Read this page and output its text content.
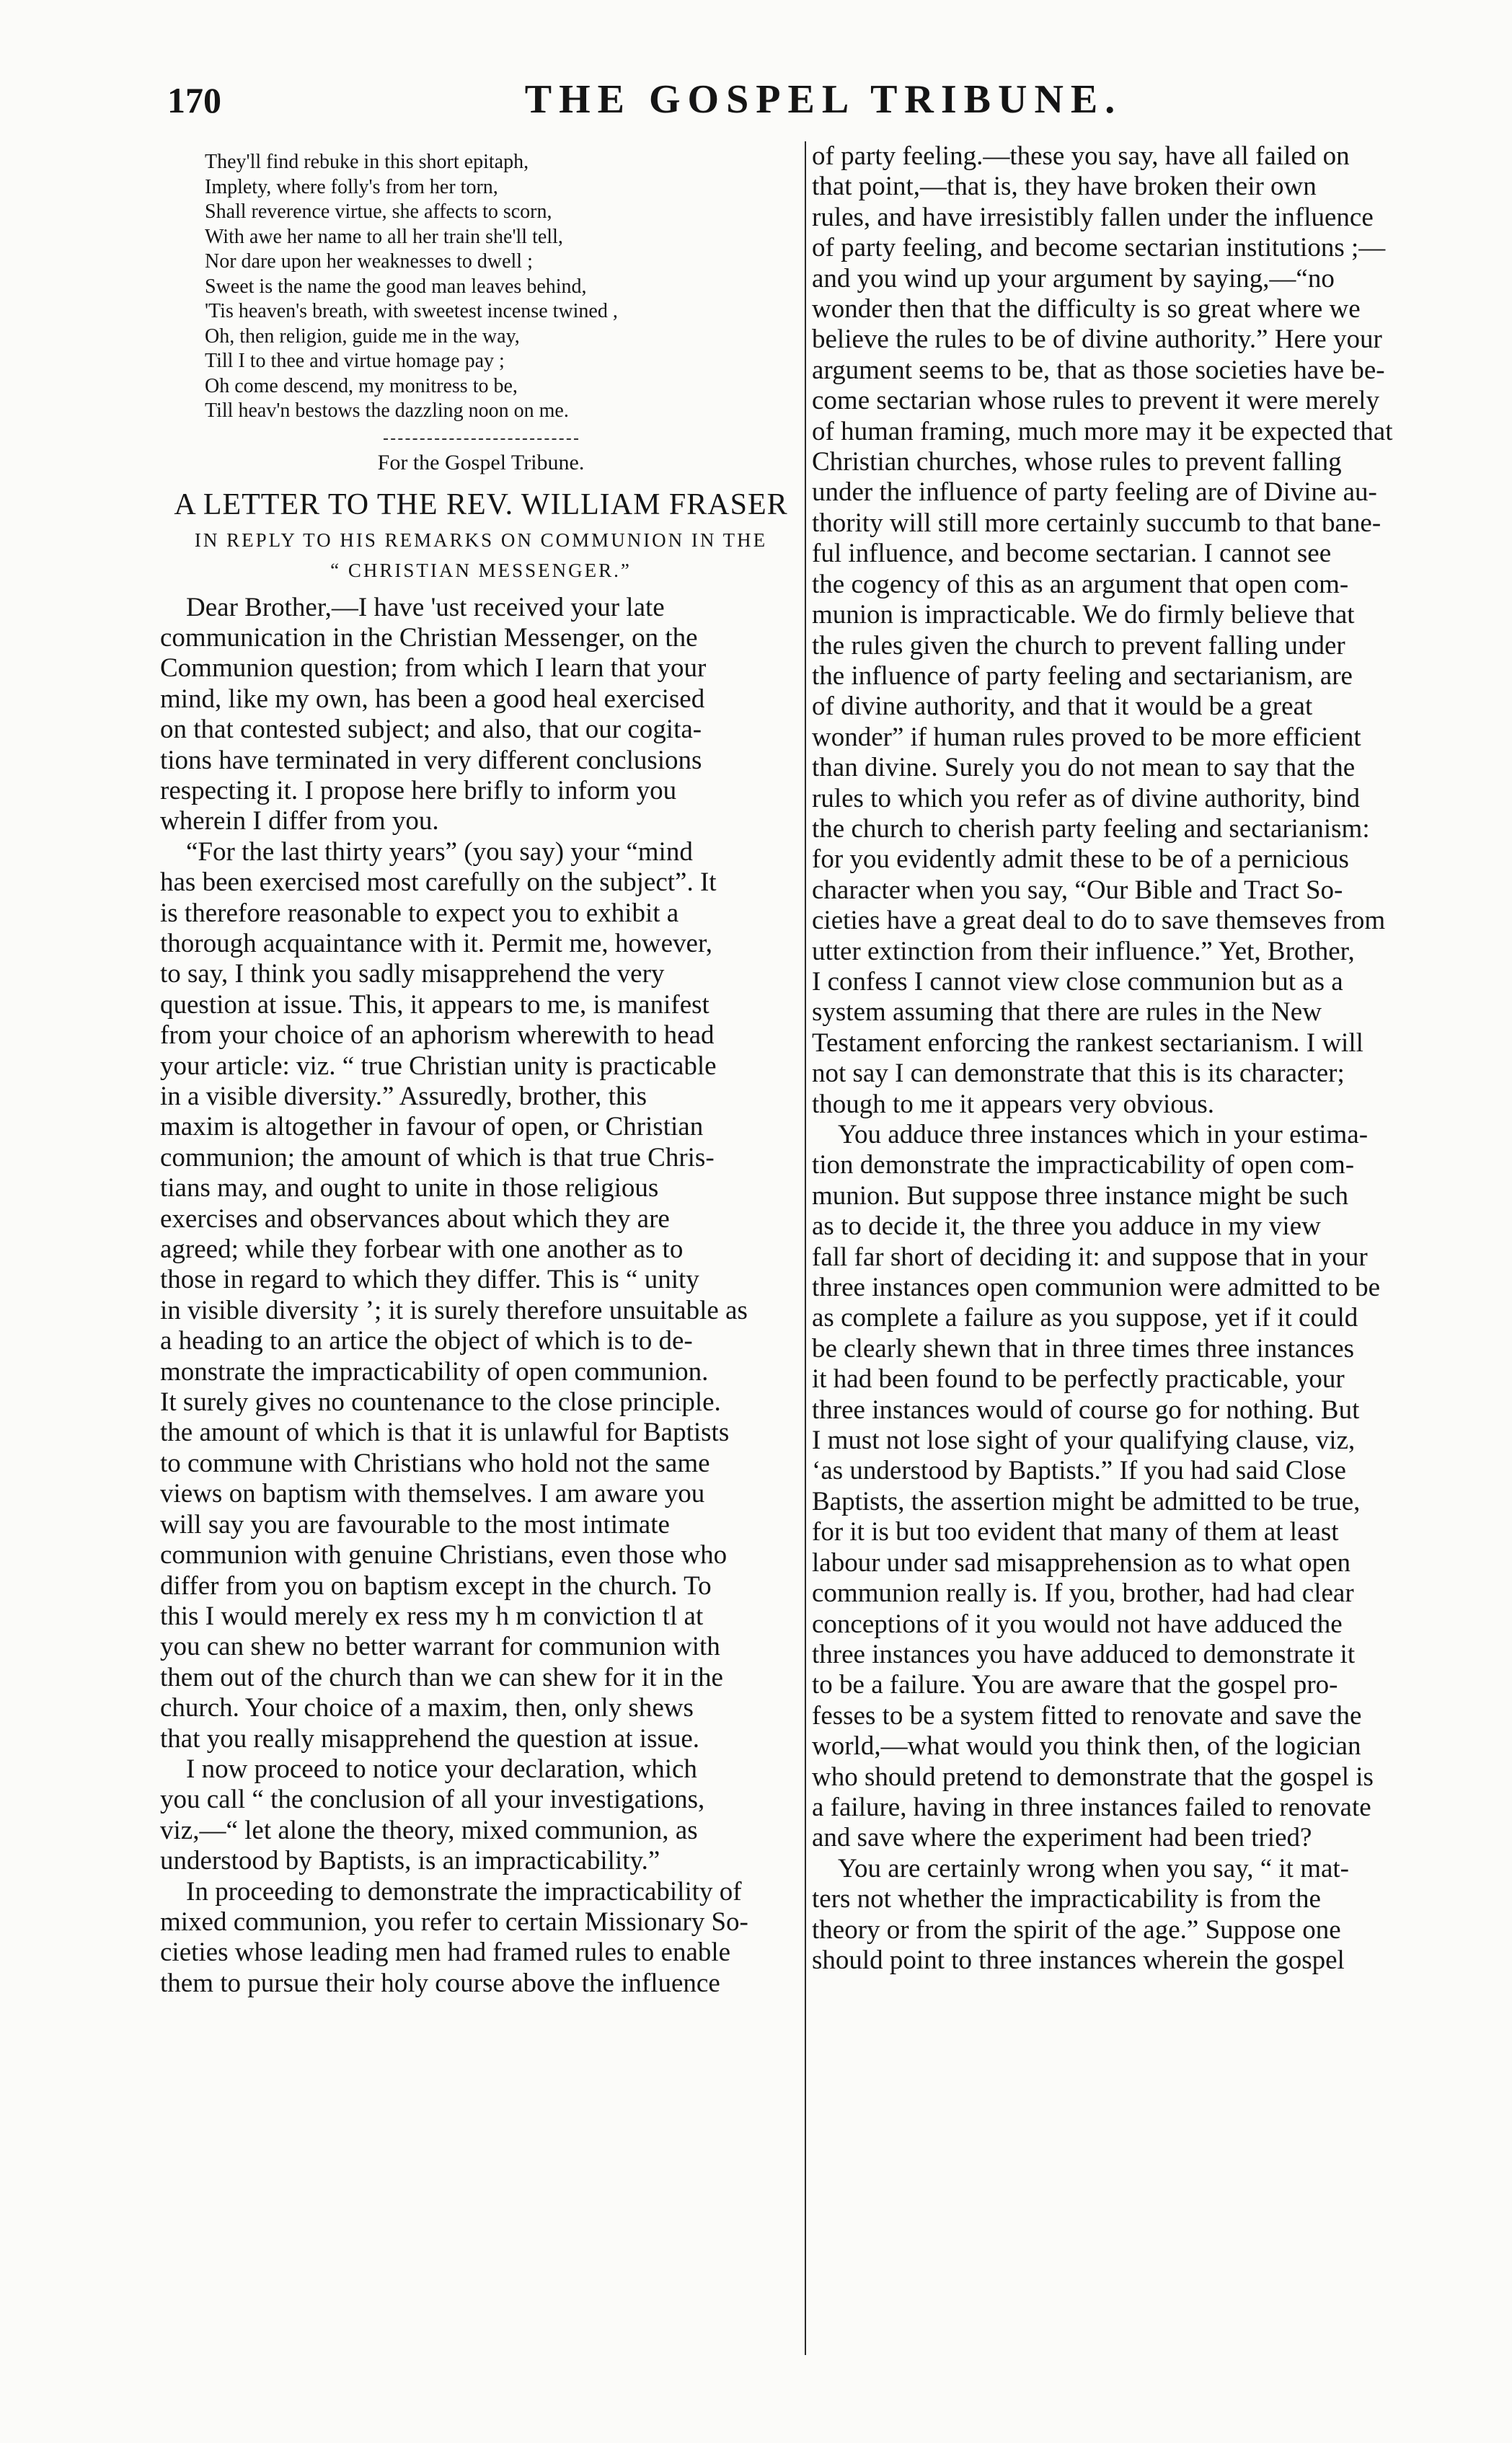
170	THE GOSPEL TRIBUNE.
They'll find rebuke in this short epitaph,
Implety, where folly's from her torn,
Shall reverence virtue, she affects to scorn,
With awe her name to all her train she'll tell,
Nor dare upon her weaknesses to dwell ;
Sweet is the name the good man leaves behind,
'Tis heaven's breath, with sweetest incense twined ,
Oh, then religion, guide me in the way,
Till I to thee and virtue homage pay ;
Oh come descend, my monitress to be,
Till heav'n bestows the dazzling noon on me.
For the Gospel Tribune.
A LETTER TO THE REV. WILLIAM FRASER
IN REPLY TO HIS REMARKS ON COMMUNION IN THE
“ CHRISTIAN MESSENGER.”
Dear Brother,—I have 'ust received your late
communication in the Christian Messenger, on the
Communion question; from which I learn that your
mind, like my own, has been a good heal exercised
on that contested subject; and also, that our cogita-
tions have terminated in very different conclusions
respecting it. I propose here brifly to inform you
wherein I differ from you.
“For the last thirty years” (you say) your “mind
has been exercised most carefully on the subject”. It
is therefore reasonable to expect you to exhibit a
thorough acquaintance with it. Permit me, however,
to say, I think you sadly misapprehend the very
question at issue. This, it appears to me, is manifest
from your choice of an aphorism wherewith to head
your article: viz. “ true Christian unity is practicable
in a visible diversity.” Assuredly, brother, this
maxim is altogether in favour of open, or Christian
communion; the amount of which is that true Chris-
tians may, and ought to unite in those religious
exercises and observances about which they are
agreed; while they forbear with one another as to
those in regard to which they differ. This is “ unity
in visible diversity ’; it is surely therefore unsuitable as
a heading to an artice the object of which is to de-
monstrate the impracticability of open communion.
It surely gives no countenance to the close principle.
the amount of which is that it is unlawful for Baptists
to commune with Christians who hold not the same
views on baptism with themselves. I am aware you
will say you are favourable to the most intimate
communion with genuine Christians, even those who
differ from you on baptism except in the church. To
this I would merely ex ress my h m conviction tl at
you can shew no better warrant for communion with
them out of the church than we can shew for it in the
church. Your choice of a maxim, then, only shews
that you really misapprehend the question at issue.
I now proceed to notice your declaration, which
you call “ the conclusion of all your investigations,
viz,—“ let alone the theory, mixed communion, as
understood by Baptists, is an impracticability.”
In proceeding to demonstrate the impracticability of
mixed communion, you refer to certain Missionary So-
cieties whose leading men had framed rules to enable
them to pursue their holy course above the influence
of party feeling.—these you say, have all failed on
that point,—that is, they have broken their own
rules, and have irresistibly fallen under the influence
of party feeling, and become sectarian institutions ;—
and you wind up your argument by saying,—“no
wonder then that the difficulty is so great where we
believe the rules to be of divine authority.” Here your
argument seems to be, that as those societies have be-
come sectarian whose rules to prevent it were merely
of human framing, much more may it be expected that
Christian churches, whose rules to prevent falling
under the influence of party feeling are of Divine au-
thority will still more certainly succumb to that bane-
ful influence, and become sectarian. I cannot see
the cogency of this as an argument that open com-
munion is impracticable. We do firmly believe that
the rules given the church to prevent falling under
the influence of party feeling and sectarianism, are
of divine authority, and that it would be a great
wonder” if human rules proved to be more efficient
than divine. Surely you do not mean to say that the
rules to which you refer as of divine authority, bind
the church to cherish party feeling and sectarianism:
for you evidently admit these to be of a pernicious
character when you say, “Our Bible and Tract So-
cieties have a great deal to do to save themseves from
utter extinction from their influence.” Yet, Brother,
I confess I cannot view close communion but as a
system assuming that there are rules in the New
Testament enforcing the rankest sectarianism. I will
not say I can demonstrate that this is its character;
though to me it appears very obvious.
You adduce three instances which in your estima-
tion demonstrate the impracticability of open com-
munion. But suppose three instance might be such
as to decide it, the three you adduce in my view
fall far short of deciding it: and suppose that in your
three instances open communion were admitted to be
as complete a failure as you suppose, yet if it could
be clearly shewn that in three times three instances
it had been found to be perfectly practicable, your
three instances would of course go for nothing. But
I must not lose sight of your qualifying clause, viz,
‘as understood by Baptists.” If you had said Close
Baptists, the assertion might be admitted to be true,
for it is but too evident that many of them at least
labour under sad misapprehension as to what open
communion really is. If you, brother, had had clear
conceptions of it you would not have adduced the
three instances you have adduced to demonstrate it
to be a failure. You are aware that the gospel pro-
fesses to be a system fitted to renovate and save the
world,—what would you think then, of the logician
who should pretend to demonstrate that the gospel is
a failure, having in three instances failed to renovate
and save where the experiment had been tried?
You are certainly wrong when you say, “ it mat-
ters not whether the impracticability is from the
theory or from the spirit of the age.” Suppose one
should point to three instances wherein the gospel
